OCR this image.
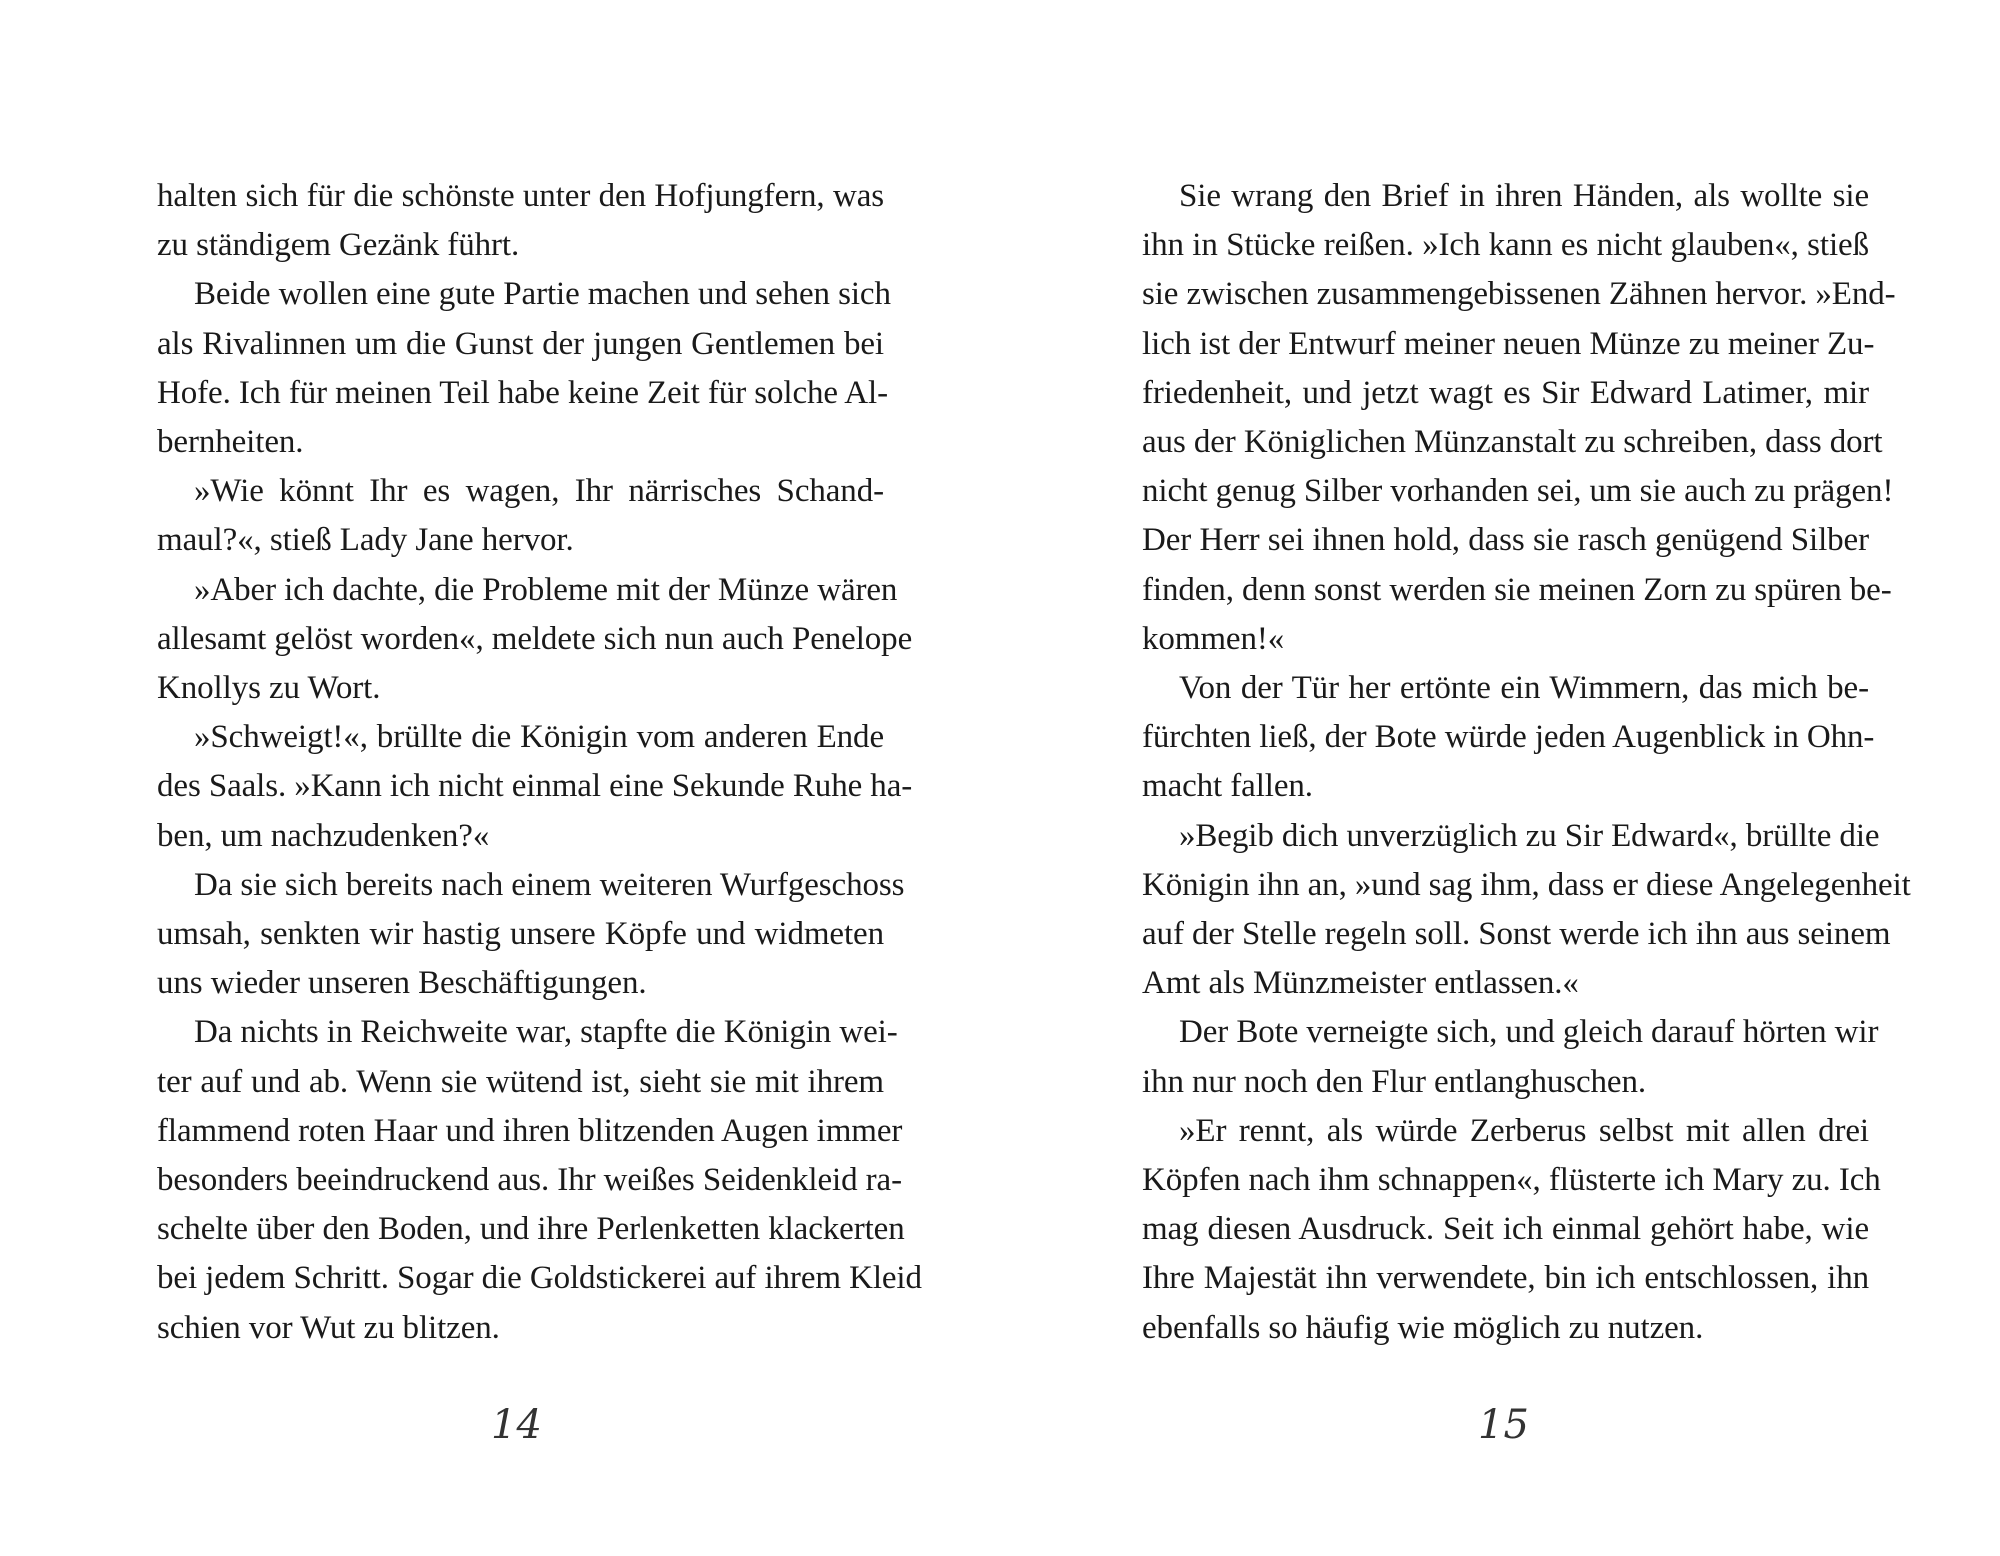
halten sich für die schönste unter den Hofjungfern, was

zu ständigem Gezänk führt.

Beide wollen eine gute Partie machen und sehen sich

als Rivalinnen um die Gunst der jungen Gentlemen bei

Hofe. Ich für meinen Teil habe keine Zeit für solche Al-

bernheiten.

»Wie könnt Ihr es wagen, Ihr närrisches Schand-

maul?«, stieß Lady Jane hervor.

»Aber ich dachte, die Probleme mit der Münze wären

allesamt gelöst worden«, meldete sich nun auch Penelope

Knollys zu Wort.

»Schweigt!«, brüllte die Königin vom anderen Ende

des Saals. »Kann ich nicht einmal eine Sekunde Ruhe ha-

ben, um nachzudenken?«

Da sie sich bereits nach einem weiteren Wurfgeschoss

umsah, senkten wir hastig unsere Köpfe und widmeten

uns wieder unseren Beschäftigungen.

Da nichts in Reichweite war, stapfte die Königin wei-

ter auf und ab. Wenn sie wütend ist, sieht sie mit ihrem

flammend roten Haar und ihren blitzenden Augen immer

besonders beeindruckend aus. Ihr weißes Seidenkleid ra-

schelte über den Boden, und ihre Perlenketten klackerten

bei jedem Schritt. Sogar die Goldstickerei auf ihrem Kleid

schien vor Wut zu blitzen.

Sie wrang den Brief in ihren Händen, als wollte sie

ihn in Stücke reißen. »Ich kann es nicht glauben«, stieß

sie zwischen zusammengebissenen Zähnen hervor. »End-

lich ist der Entwurf meiner neuen Münze zu meiner Zu-

friedenheit, und jetzt wagt es Sir Edward Latimer, mir

aus der Königlichen Münzanstalt zu schreiben, dass dort

nicht genug Silber vorhanden sei, um sie auch zu prägen!

Der Herr sei ihnen hold, dass sie rasch genügend Silber

finden, denn sonst werden sie meinen Zorn zu spüren be-

kommen!«

Von der Tür her ertönte ein Wimmern, das mich be-

fürchten ließ, der Bote würde jeden Augenblick in Ohn-

macht fallen.

»Begib dich unverzüglich zu Sir Edward«, brüllte die

Königin ihn an, »und sag ihm, dass er diese Angelegenheit

auf der Stelle regeln soll. Sonst werde ich ihn aus seinem

Amt als Münzmeister entlassen.«

Der Bote verneigte sich, und gleich darauf hörten wir

ihn nur noch den Flur entlanghuschen.

»Er rennt, als würde Zerberus selbst mit allen drei

Köpfen nach ihm schnappen«, flüsterte ich Mary zu. Ich

mag diesen Ausdruck. Seit ich einmal gehört habe, wie

Ihre Majestät ihn verwendete, bin ich entschlossen, ihn

ebenfalls so häufig wie möglich zu nutzen.

14	15
